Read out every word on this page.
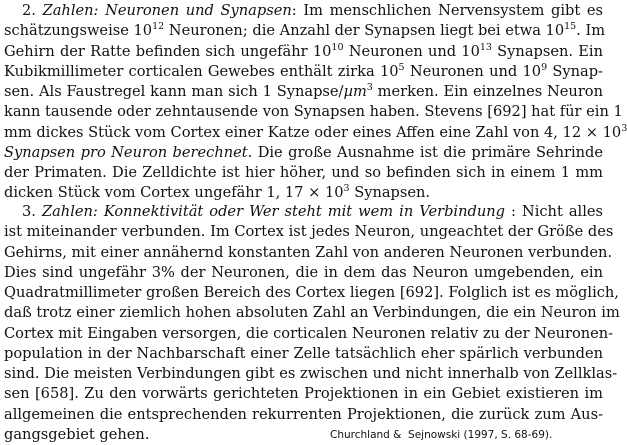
2. Zahlen: Neuronen und Synapsen: Im menschlichen Nervensystem gibt es
schätzungsweise $10^{12}$ Neuronen; die Anzahl der Synapsen liegt bei etwa $10^{15}$. Im
Gehirn der Ratte befinden sich ungefähr $10^{10}$ Neuronen und $10^{13}$ Synapsen. Ein
Kubikmillimeter corticalen Gewebes enthält zirka $10^5$ Neuronen und $10^9$ Synap-
sen. Als Faustregel kann man sich 1 Synapse/µm$^3$ merken. Ein einzelnes Neuron
kann tausende oder zehntausende von Synapsen haben. Stevens [692] hat für ein 1
mm dickes Stück vom Cortex einer Katze oder eines Affen eine Zahl von 4, $12 \times 10^3$
Synapsen pro Neuron berechnet. Die große Ausnahme ist die primäre Sehrinde
der Primaten. Die Zelldichte ist hier höher, und so befinden sich in einem 1 mm
dicken Stück vom Cortex ungefähr 1, $17 \times 10^3$ Synapsen.
3. Zahlen: Konnektivität oder Wer steht mit wem in Verbindung : Nicht alles
ist miteinander verbunden. Im Cortex ist jedes Neuron, ungeachtet der Größe des
Gehirns, mit einer annähernd konstanten Zahl von anderen Neuronen verbunden.
Dies sind ungefähr 3% der Neuronen, die in dem das Neuron umgebenden, ein
Quadratmillimeter großen Bereich des Cortex liegen [692]. Folglich ist es möglich,
daß trotz einer ziemlich hohen absoluten Zahl an Verbindungen, die ein Neuron im
Cortex mit Eingaben versorgen, die corticalen Neuronen relativ zu der Neuronen-
population in der Nachbarschaft einer Zelle tatsächlich eher spärlich verbunden
sind. Die meisten Verbindungen gibt es zwischen und nicht innerhalb von Zellklas-
sen [658]. Zu den vorwärts gerichteten Projektionen in ein Gebiet existieren im
allgemeinen die entsprechenden rekurrenten Projektionen, die zurück zum Aus-
gangsgebiet gehen.	Churchland &  Sejnowski (1997, S. 68-69).
